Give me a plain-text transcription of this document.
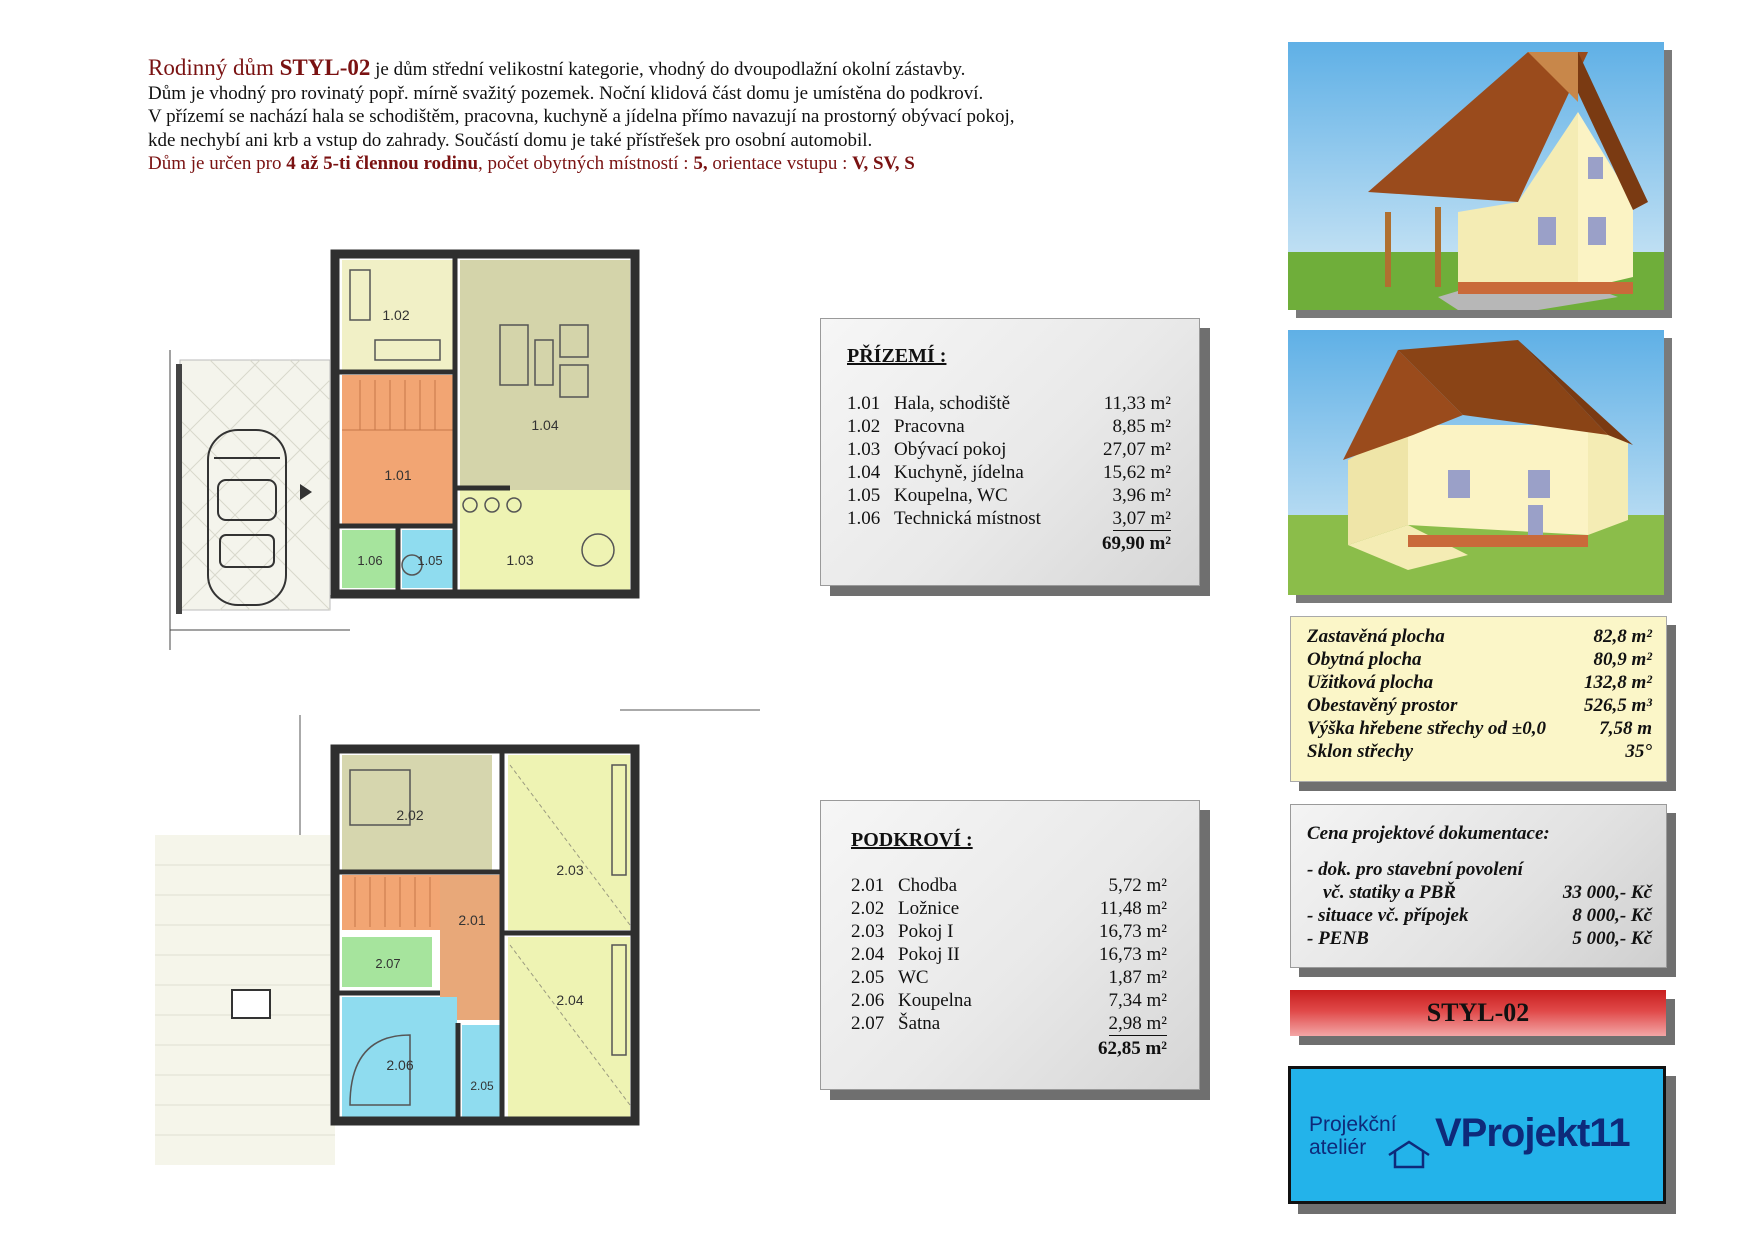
Rodinný dům STYL-02 je dům střední velikostní kategorie, vhodný do dvoupodlažní okolní zástavby.
Dům je vhodný pro rovinatý popř. mírně svažitý pozemek. Noční klidová část domu je umístěna do podkroví.
V přízemí se nachází hala se schodištěm, pracovna, kuchyně a jídelna přímo navazují na prostorný obývací pokoj,
kde nechybí ani krb a vstup do zahrady. Součástí domu je také přístřešek pro osobní automobil.
Dům je určen pro 4 až 5-ti člennou rodinu, počet obytných místností : 5, orientace vstupu : V, SV, S
1.02
1.04
1.01
1.06	1.05	1.03
2.02
2.03
2.01
2.07
2.04
2.06
2.05
PŘÍZEMÍ :
1.01 Hala, schodiště	11,33 m²
1.02 Pracovna	8,85 m²
1.03 Obývací pokoj	27,07 m²
1.04 Kuchyně, jídelna	15,62 m²
1.05 Koupelna, WC	3,96 m²
1.06 Technická místnost	3,07 m²
69,90 m²
PODKROVÍ :
2.01 Chodba	5,72 m²
2.02 Ložnice	11,48 m²
2.03 Pokoj I	16,73 m²
2.04 Pokoj II	16,73 m²
2.05 WC	1,87 m²
2.06 Koupelna	7,34 m²
2.07 Šatna	2,98 m²
62,85 m²
Zastavěná plocha	82,8 m²
Obytná plocha	80,9 m²
Užitková plocha	132,8 m²
Obestavěný prostor	526,5 m³
Výška hřebene střechy od ±0,0	7,58 m
Sklon střechy	35°
Cena projektové dokumentace:
- dok. pro stavební povolení
vč. statiky a PBŘ	33 000,- Kč
- situace vč. přípojek	8 000,- Kč
- PENB	5 000,- Kč
STYL-02
Projekční
ateliér	VProjekt11
